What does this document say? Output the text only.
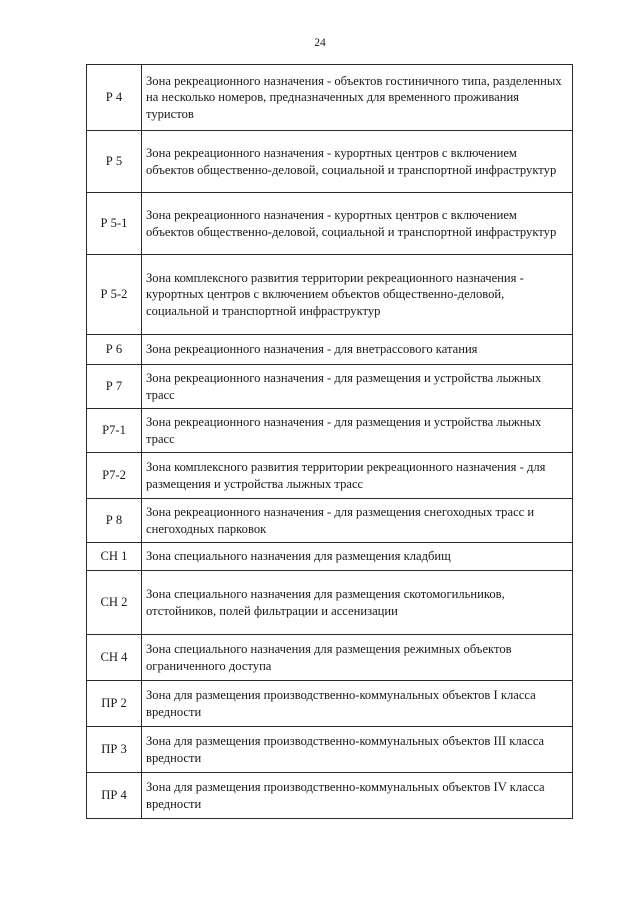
24
Р 4	Зона рекреационного назначения - объектов гостиничного типа, разделенных на несколько номеров, предназначенных для временного проживания туристов
Р 5	Зона рекреационного назначения - курортных центров с включением объектов общественно-деловой, социальной и транспортной инфраструктур
Р 5-1	Зона рекреационного назначения - курортных центров с включением объектов общественно-деловой, социальной и транспортной инфраструктур
Р 5-2	Зона комплексного развития территории рекреационного назначения - курортных центров с включением объектов общественно-деловой, социальной и транспортной инфраструктур
Р 6	Зона рекреационного назначения - для внетрассового катания
Р 7	Зона рекреационного назначения - для размещения и устройства лыжных трасс
Р7-1	Зона рекреационного назначения - для размещения и устройства лыжных трасс
Р7-2	Зона комплексного развития территории рекреационного назначения - для размещения и устройства лыжных трасс
Р 8	Зона рекреационного назначения - для размещения снегоходных трасс и снегоходных парковок
СН 1	Зона специального назначения для размещения кладбищ
СН 2	Зона специального назначения для размещения скотомогильников, отстойников, полей фильтрации и ассенизации
СН 4	Зона специального назначения для размещения режимных объектов ограниченного доступа
ПР 2	Зона для размещения производственно-коммунальных объектов I класса вредности
ПР 3	Зона для размещения производственно-коммунальных объектов III класса вредности
ПР 4	Зона для размещения производственно-коммунальных объектов IV класса вредности
